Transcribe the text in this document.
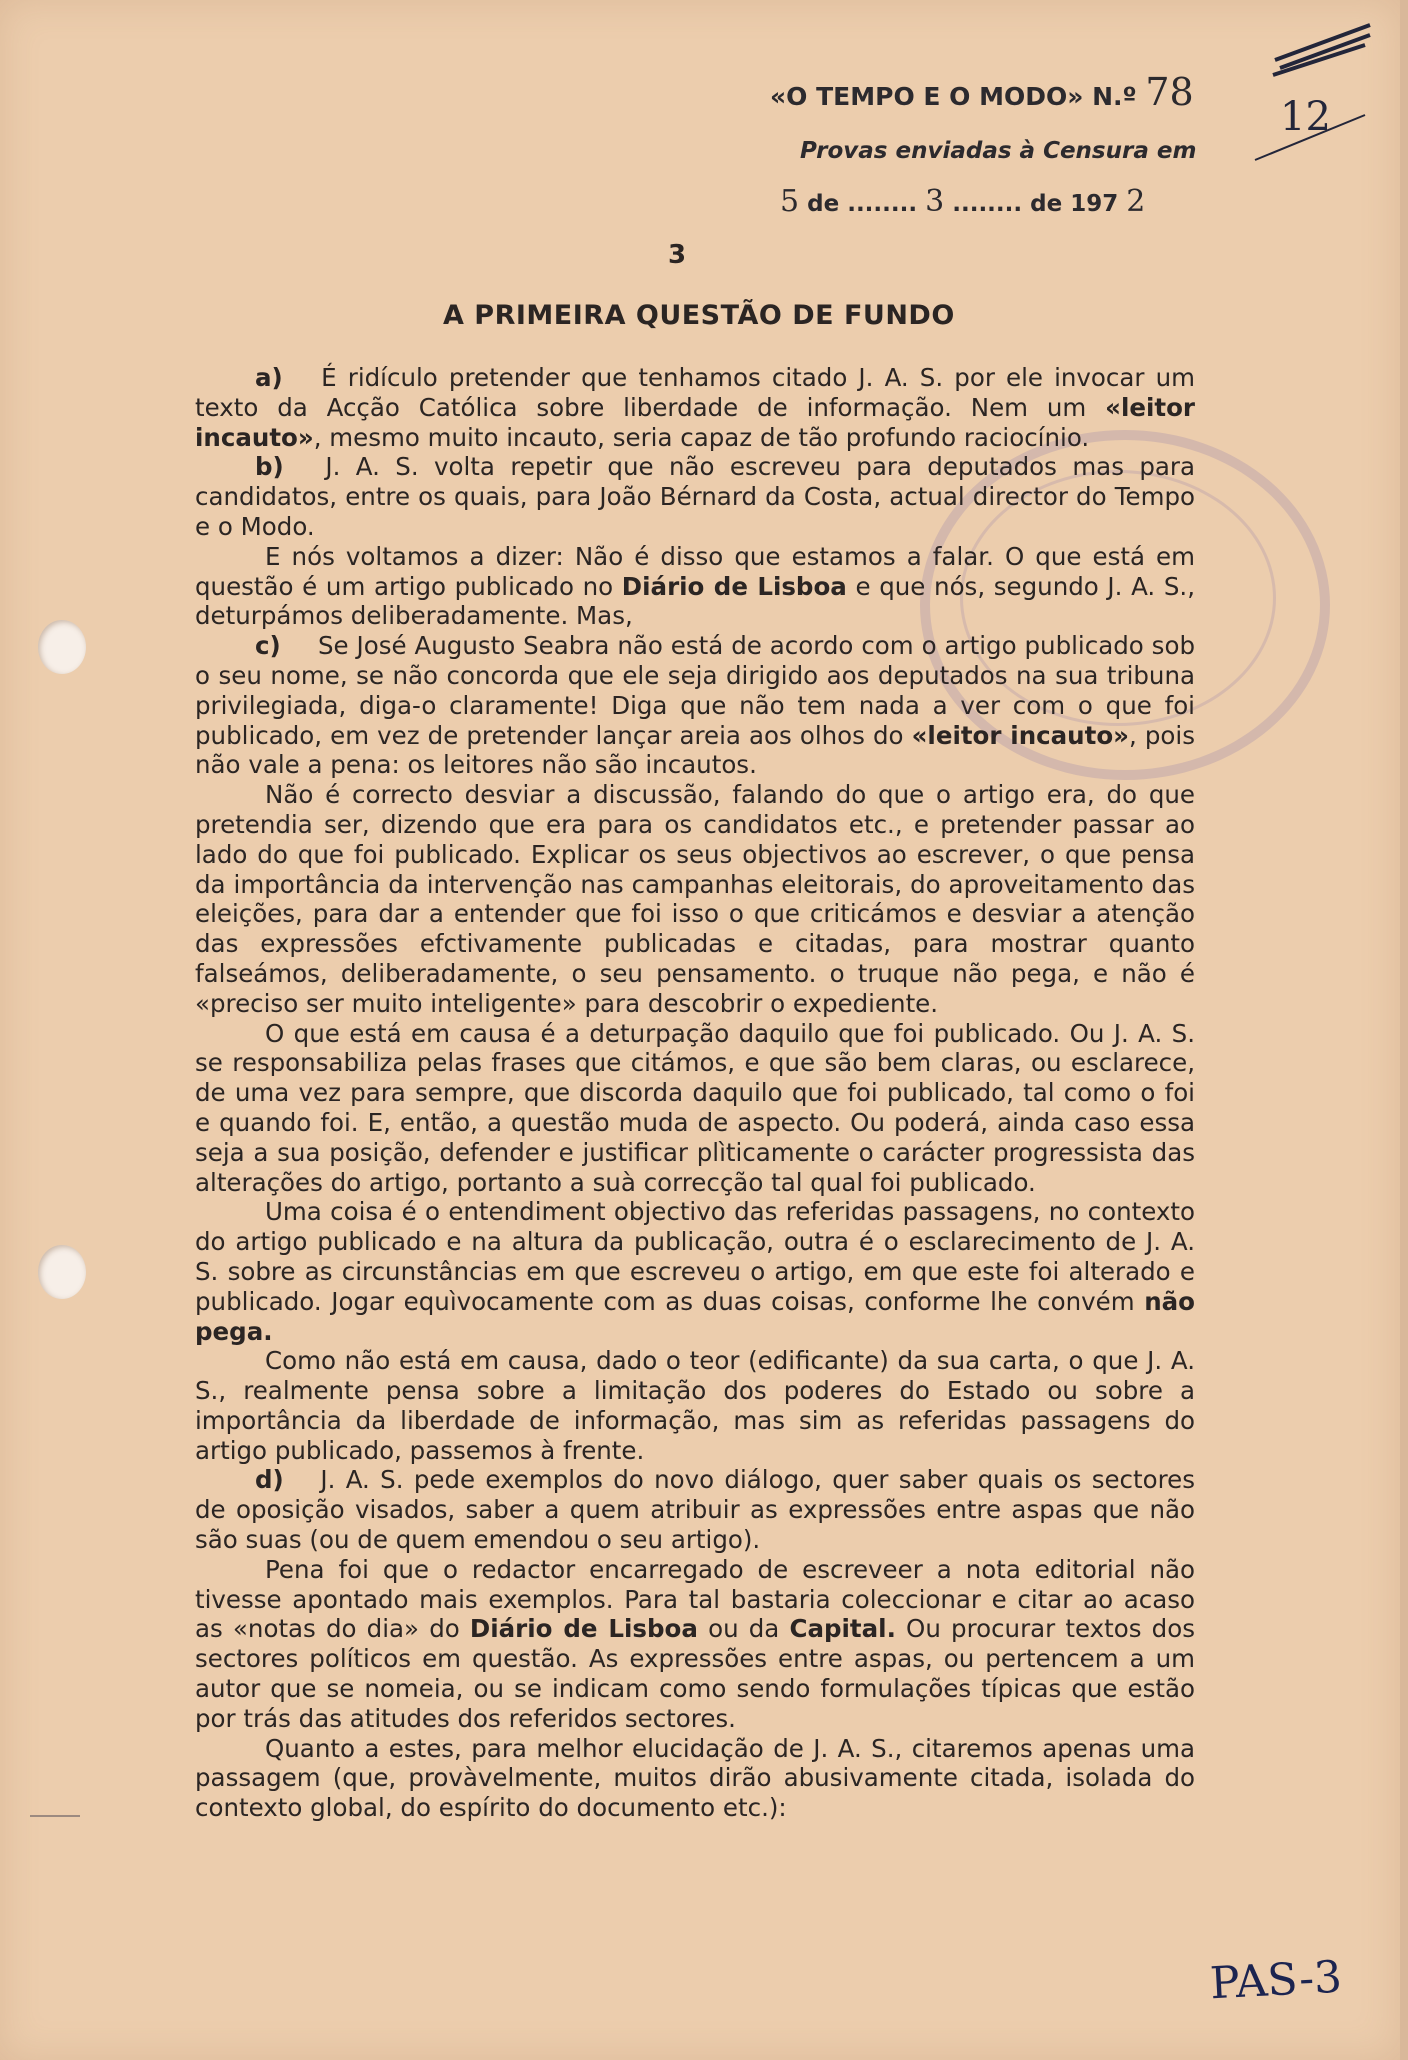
«O TEMPO E O MODO» N.º 78
Provas enviadas à Censura em
5 de ........ 3 ........ de 197 2
12
3
A PRIMEIRA QUESTÃO DE FUNDO

a) É ridículo pretender que tenhamos citado J. A. S. por ele invocar um texto da Acção Católica sobre liberdade de informação. Nem um «leitor incauto», mesmo muito incauto, seria capaz de tão profundo raciocínio.

b) J. A. S. volta repetir que não escreveu para deputados mas para candidatos, entre os quais, para João Bérnard da Costa, actual director do Tempo e o Modo.

E nós voltamos a dizer: Não é disso que estamos a falar. O que está em questão é um artigo publicado no Diário de Lisboa e que nós, segundo J. A. S., deturpámos deliberadamente. Mas,

c) Se José Augusto Seabra não está de acordo com o artigo publicado sob o seu nome, se não concorda que ele seja dirigido aos deputados na sua tribuna privilegiada, diga-o claramente! Diga que não tem nada a ver com o que foi publicado, em vez de pretender lançar areia aos olhos do «leitor incauto», pois não vale a pena: os leitores não são incautos.

Não é correcto desviar a discussão, falando do que o artigo era, do que pretendia ser, dizendo que era para os candidatos etc., e pretender passar ao lado do que foi publicado. Explicar os seus objectivos ao escrever, o que pensa da importância da intervenção nas campanhas eleitorais, do aproveitamento das eleições, para dar a entender que foi isso o que criticámos e desviar a atenção das expressões efctivamente publicadas e citadas, para mostrar quanto falseámos, deliberadamente, o seu pensamento. o truque não pega, e não é «preciso ser muito inteligente» para descobrir o expediente.

O que está em causa é a deturpação daquilo que foi publicado. Ou J. A. S. se responsabiliza pelas frases que citámos, e que são bem claras, ou esclarece, de uma vez para sempre, que discorda daquilo que foi publicado, tal como o foi e quando foi. E, então, a questão muda de aspecto. Ou poderá, ainda caso essa seja a sua posição, defender e justificar plìticamente o carácter progressista das alterações do artigo, portanto a suà correcção tal qual foi publicado.

Uma coisa é o entendiment objectivo das referidas passagens, no contexto do artigo publicado e na altura da publicação, outra é o esclarecimento de J. A. S. sobre as circunstâncias em que escreveu o artigo, em que este foi alterado e publicado. Jogar equìvocamente com as duas coisas, conforme lhe convém não pega.

Como não está em causa, dado o teor (edificante) da sua carta, o que J. A. S., realmente pensa sobre a limitação dos poderes do Estado ou sobre a importância da liberdade de informação, mas sim as referidas passagens do artigo publicado, passemos à frente.

d) J. A. S. pede exemplos do novo diálogo, quer saber quais os sectores de oposição visados, saber a quem atribuir as expressões entre aspas que não são suas (ou de quem emendou o seu artigo).

Pena foi que o redactor encarregado de escreveer a nota editorial não tivesse apontado mais exemplos. Para tal bastaria coleccionar e citar ao acaso as «notas do dia» do Diário de Lisboa ou da Capital. Ou procurar textos dos sectores políticos em questão. As expressões entre aspas, ou pertencem a um autor que se nomeia, ou se indicam como sendo formulações típicas que estão por trás das atitudes dos referidos sectores.

Quanto a estes, para melhor elucidação de J. A. S., citaremos apenas uma passagem (que, provàvelmente, muitos dirão abusivamente citada, isolada do contexto global, do espírito do documento etc.):

PAS-3
